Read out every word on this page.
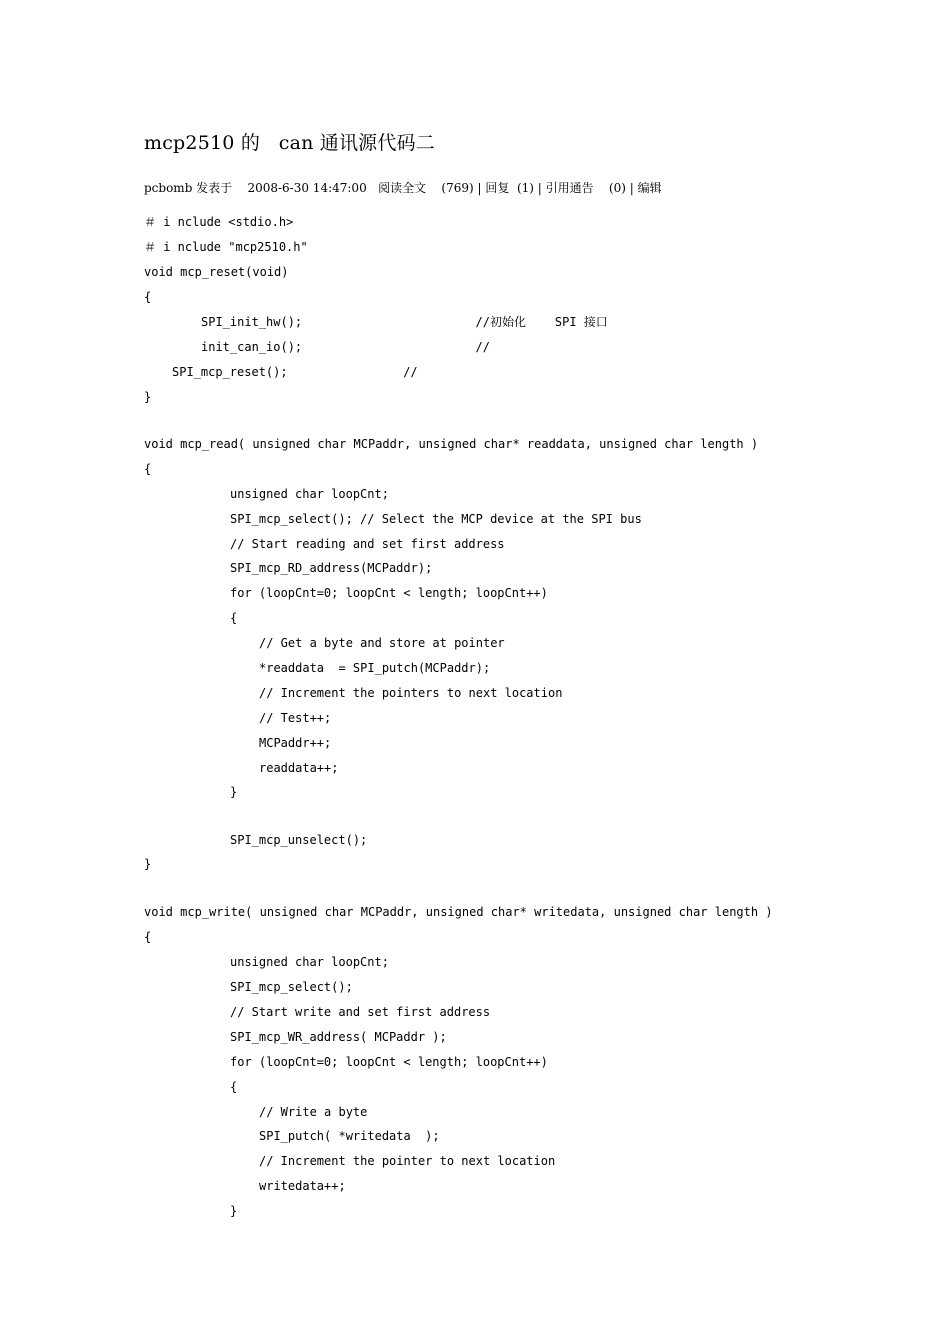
mcp2510 的   can 通讯源代码二
pcbomb 发表于    2008-6-30 14:47:00   阅读全文    (769) | 回复  (1) | 引用通告    (0) | 编辑
＃ i nclude <stdio.h>
＃ i nclude "mcp2510.h"
void mcp_reset(void)
{
SPI_init_hw();                        //初始化    SPI 接口
init_can_io();                        //
SPI_mcp_reset();                //
}
void mcp_read( unsigned char MCPaddr, unsigned char* readdata, unsigned char length )
{
unsigned char loopCnt;
SPI_mcp_select(); // Select the MCP device at the SPI bus
// Start reading and set first address
SPI_mcp_RD_address(MCPaddr);
for (loopCnt=0; loopCnt < length; loopCnt++)
{
// Get a byte and store at pointer
*readdata  = SPI_putch(MCPaddr);
// Increment the pointers to next location
// Test++;
MCPaddr++;
readdata++;
}
SPI_mcp_unselect();
}
void mcp_write( unsigned char MCPaddr, unsigned char* writedata, unsigned char length )
{
unsigned char loopCnt;
SPI_mcp_select();
// Start write and set first address
SPI_mcp_WR_address( MCPaddr );
for (loopCnt=0; loopCnt < length; loopCnt++)
{
// Write a byte
SPI_putch( *writedata  );
// Increment the pointer to next location
writedata++;
}
